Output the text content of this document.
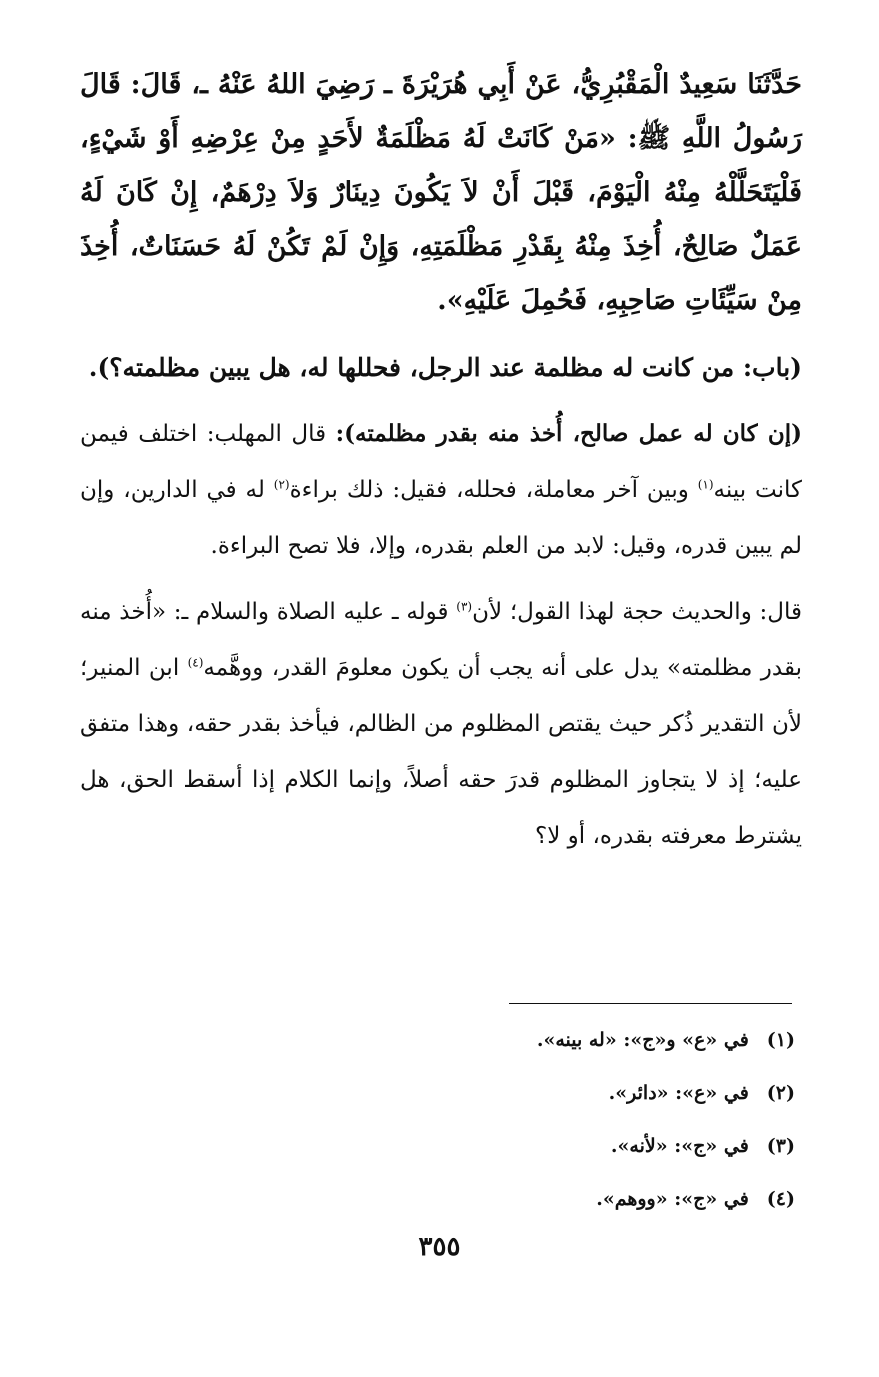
حَدَّثَنَا سَعِيدٌ الْمَقْبُرِيُّ، عَنْ أَبِي هُرَيْرَةَ ـ رَضِيَ اللهُ عَنْهُ ـ، قَالَ: قَالَ رَسُولُ اللَّهِ ﷺ: «مَنْ كَانَتْ لَهُ مَظْلَمَةٌ لأَحَدٍ مِنْ عِرْضِهِ أَوْ شَيْءٍ، فَلْيَتَحَلَّلْهُ مِنْهُ الْيَوْمَ، قَبْلَ أَنْ لاَ يَكُونَ دِينَارٌ وَلاَ دِرْهَمٌ، إِنْ كَانَ لَهُ عَمَلٌ صَالِحٌ، أُخِذَ مِنْهُ بِقَدْرِ مَظْلَمَتِهِ، وَإِنْ لَمْ تَكُنْ لَهُ حَسَنَاتٌ، أُخِذَ مِنْ سَيِّئَاتِ صَاحِبِهِ، فَحُمِلَ عَلَيْهِ».

(باب: من كانت له مظلمة عند الرجل، فحللها له، هل يبين مظلمته؟).

(إن كان له عمل صالح، أُخذ منه بقدر مظلمته): قال المهلب: اختلف فيمن كانت بينه$^{(١)}$ وبين آخر معاملة، فحلله، فقيل: ذلك براءة$^{(٢)}$ له في الدارين، وإن لم يبين قدره، وقيل: لابد من العلم بقدره، وإلا، فلا تصح البراءة.

قال: والحديث حجة لهذا القول؛ لأن$^{(٣)}$ قوله ـ عليه الصلاة والسلام ـ: «أُخذ منه بقدر مظلمته» يدل على أنه يجب أن يكون معلومَ القدر، ووهَّمه$^{(٤)}$ ابن المنير؛ لأن التقدير ذُكر حيث يقتص المظلوم من الظالم، فيأخذ بقدر حقه، وهذا متفق عليه؛ إذ لا يتجاوز المظلوم قدرَ حقه أصلاً، وإنما الكلام إذا أسقط الحق، هل يشترط معرفته بقدره، أو لا؟

(١)في «ع» و«ج»: «له بينه».
(٢)في «ع»: «دائر».
(٣)في «ج»: «لأنه».
(٤)في «ج»: «ووهم».
٣٥٥
